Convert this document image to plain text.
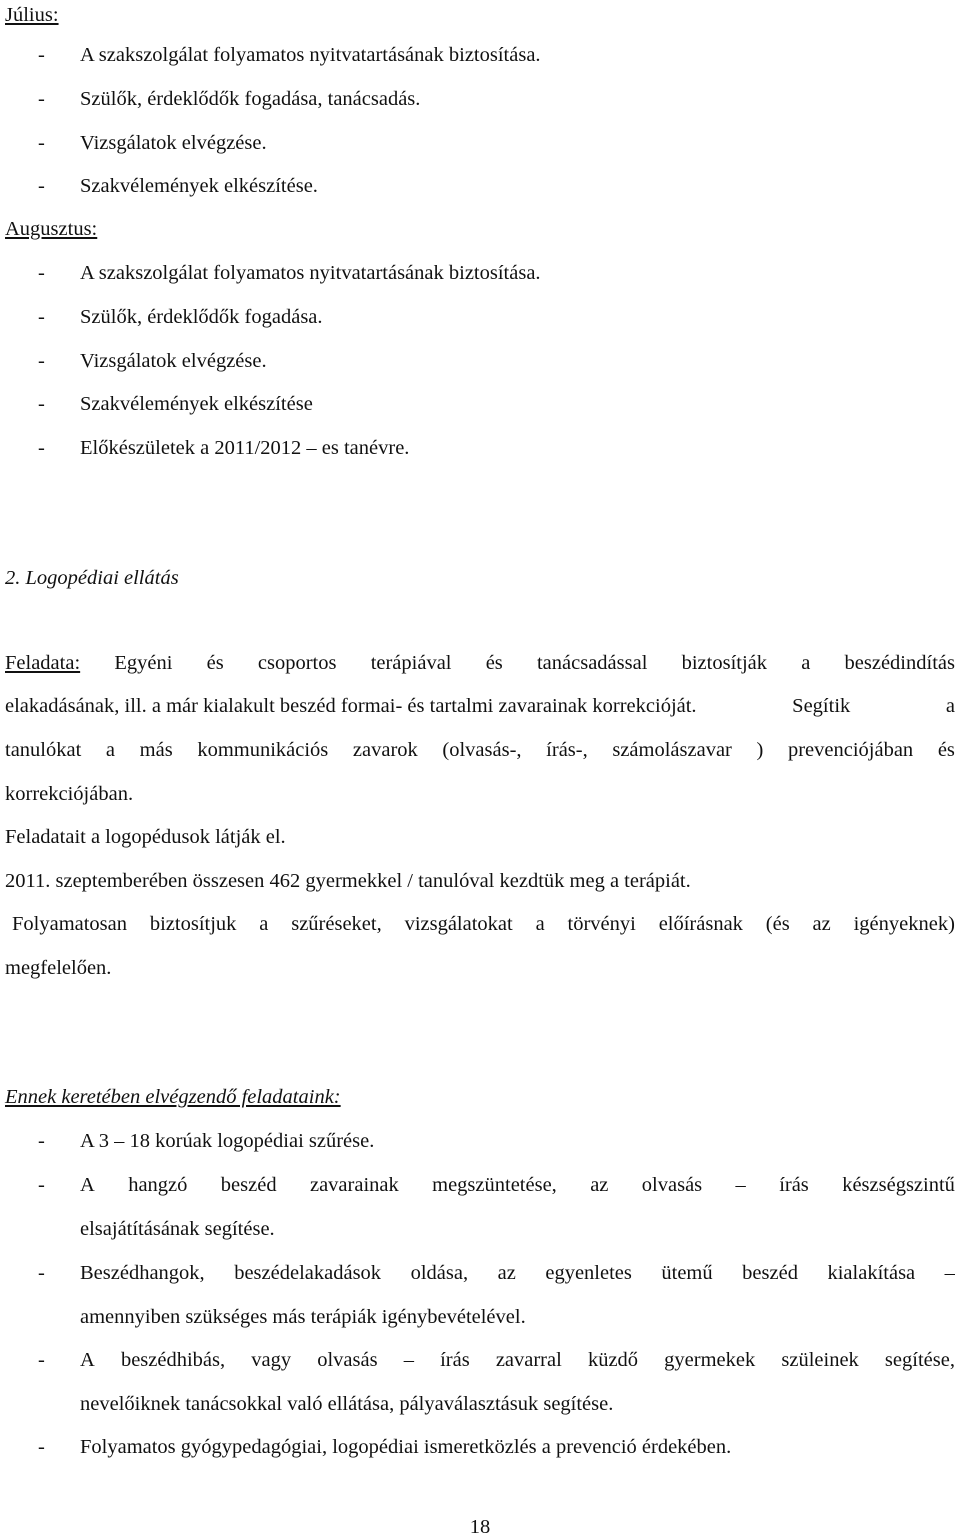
Július:
- A szakszolgálat folyamatos nyitvatartásának biztosítása.
- Szülők, érdeklődők fogadása, tanácsadás.
- Vizsgálatok elvégzése.
- Szakvélemények elkészítése.
Augusztus:
- A szakszolgálat folyamatos nyitvatartásának biztosítása.
- Szülők, érdeklődők fogadása.
- Vizsgálatok elvégzése.
- Szakvélemények elkészítése
- Előkészületek a 2011/2012 – es tanévre.
2. Logopédiai ellátás
Feladata: Egyéni és csoportos terápiával és tanácsadással biztosítják a beszédindítás
elakadásának, ill. a már kialakult beszéd formai- és tartalmi zavarainak korrekcióját.	Segítik	a
tanulókat a más kommunikációs zavarok (olvasás-, írás-, számolászavar ) prevenciójában és
korrekciójában.
Feladatait a logopédusok látják el.
2011. szeptemberében összesen 462 gyermekkel / tanulóval kezdtük meg a terápiát.
Folyamatosan biztosítjuk a szűréseket, vizsgálatokat a törvényi előírásnak (és az igényeknek)
megfelelően.
Ennek keretében elvégzendő feladataink:
- A 3 – 18 korúak logopédiai szűrése.
- A hangzó beszéd zavarainak megszüntetése, az olvasás – írás készségszintű
elsajátításának segítése.
- Beszédhangok, beszédelakadások oldása, az egyenletes ütemű beszéd kialakítása –
amennyiben szükséges más terápiák igénybevételével.
- A beszédhibás, vagy olvasás – írás zavarral küzdő gyermekek szüleinek segítése,
nevelőiknek tanácsokkal való ellátása, pályaválasztásuk segítése.
- Folyamatos gyógypedagógiai, logopédiai ismeretközlés a prevenció érdekében.
18
